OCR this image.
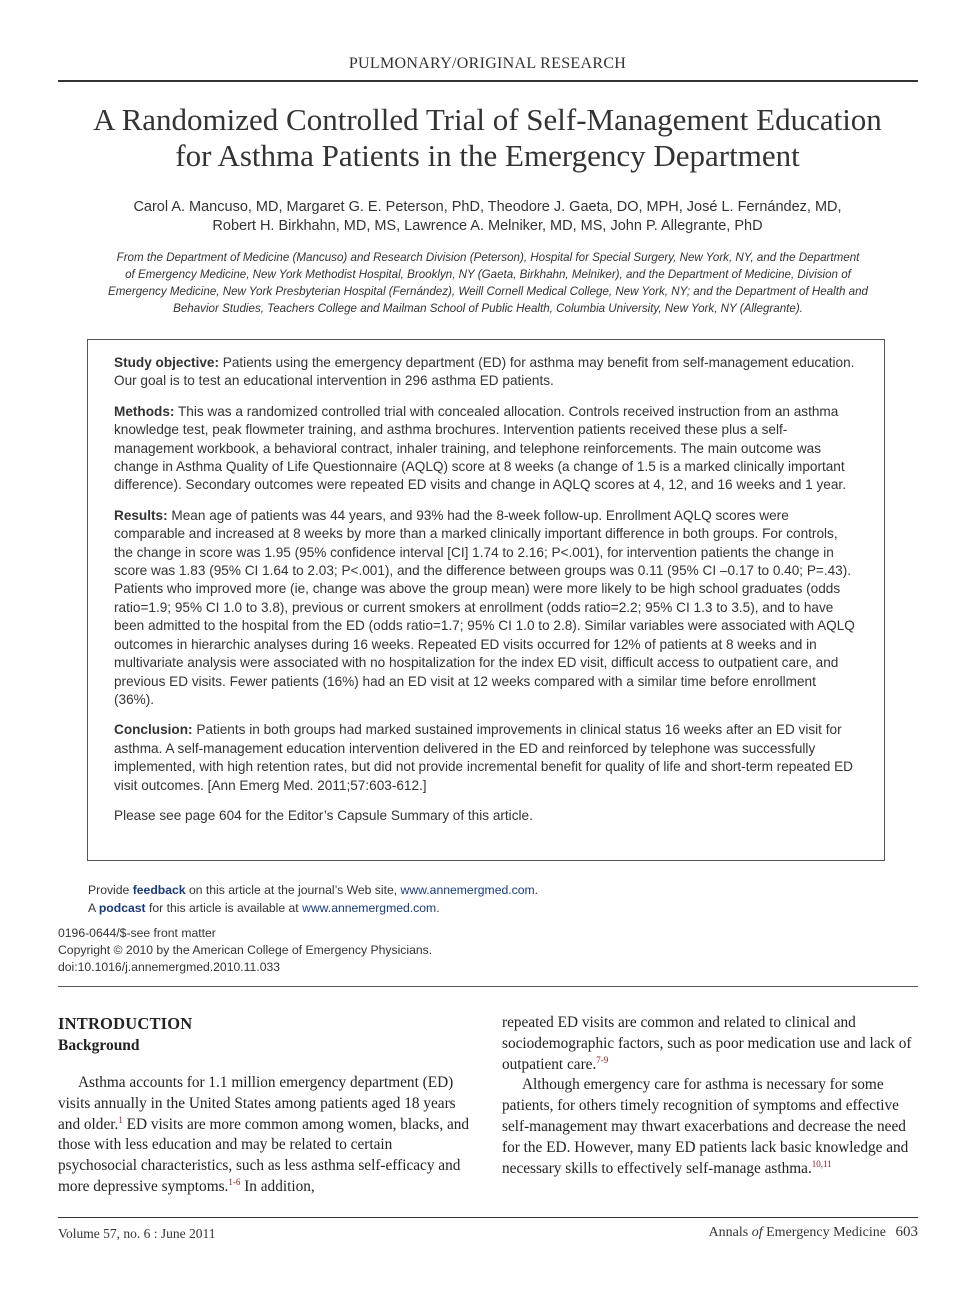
PULMONARY/ORIGINAL RESEARCH
A Randomized Controlled Trial of Self-Management Education
for Asthma Patients in the Emergency Department
Carol A. Mancuso, MD, Margaret G. E. Peterson, PhD, Theodore J. Gaeta, DO, MPH, José L. Fernández, MD,
Robert H. Birkhahn, MD, MS, Lawrence A. Melniker, MD, MS, John P. Allegrante, PhD
From the Department of Medicine (Mancuso) and Research Division (Peterson), Hospital for Special Surgery, New York, NY, and the Department
of Emergency Medicine, New York Methodist Hospital, Brooklyn, NY (Gaeta, Birkhahn, Melniker), and the Department of Medicine, Division of
Emergency Medicine, New York Presbyterian Hospital (Fernández), Weill Cornell Medical College, New York, NY; and the Department of Health and
Behavior Studies, Teachers College and Mailman School of Public Health, Columbia University, New York, NY (Allegrante).

Study objective: Patients using the emergency department (ED) for asthma may benefit from self-management education. Our goal is to test an educational intervention in 296 asthma ED patients.

Methods: This was a randomized controlled trial with concealed allocation. Controls received instruction from an asthma knowledge test, peak flowmeter training, and asthma brochures. Intervention patients received these plus a self-management workbook, a behavioral contract, inhaler training, and telephone reinforcements. The main outcome was change in Asthma Quality of Life Questionnaire (AQLQ) score at 8 weeks (a change of 1.5 is a marked clinically important difference). Secondary outcomes were repeated ED visits and change in AQLQ scores at 4, 12, and 16 weeks and 1 year.

Results: Mean age of patients was 44 years, and 93% had the 8-week follow-up. Enrollment AQLQ scores were comparable and increased at 8 weeks by more than a marked clinically important difference in both groups. For controls, the change in score was 1.95 (95% confidence interval [CI] 1.74 to 2.16; P<.001), for intervention patients the change in score was 1.83 (95% CI 1.64 to 2.03; P<.001), and the difference between groups was 0.11 (95% CI –0.17 to 0.40; P=.43). Patients who improved more (ie, change was above the group mean) were more likely to be high school graduates (odds ratio=1.9; 95% CI 1.0 to 3.8), previous or current smokers at enrollment (odds ratio=2.2; 95% CI 1.3 to 3.5), and to have been admitted to the hospital from the ED (odds ratio=1.7; 95% CI 1.0 to 2.8). Similar variables were associated with AQLQ outcomes in hierarchic analyses during 16 weeks. Repeated ED visits occurred for 12% of patients at 8 weeks and in multivariate analysis were associated with no hospitalization for the index ED visit, difficult access to outpatient care, and previous ED visits. Fewer patients (16%) had an ED visit at 12 weeks compared with a similar time before enrollment (36%).

Conclusion: Patients in both groups had marked sustained improvements in clinical status 16 weeks after an ED visit for asthma. A self-management education intervention delivered in the ED and reinforced by telephone was successfully implemented, with high retention rates, but did not provide incremental benefit for quality of life and short-term repeated ED visit outcomes. [Ann Emerg Med. 2011;57:603-612.]

Please see page 604 for the Editor’s Capsule Summary of this article.

Provide feedback on this article at the journal’s Web site, www.annemergmed.com.
A podcast for this article is available at www.annemergmed.com.
0196-0644/$-see front matter
Copyright © 2010 by the American College of Emergency Physicians.
doi:10.1016/j.annemergmed.2010.11.033
INTRODUCTION
Background

Asthma accounts for 1.1 million emergency department (ED) visits annually in the United States among patients aged 18 years and older.$^1$ ED visits are more common among women, blacks, and those with less education and may be related to certain psychosocial characteristics, such as less asthma self-efficacy and more depressive symptoms.$^{1-6}$ In addition,

repeated ED visits are common and related to clinical and sociodemographic factors, such as poor medication use and lack of outpatient care.$^{7-9}$

Although emergency care for asthma is necessary for some patients, for others timely recognition of symptoms and effective self-management may thwart exacerbations and decrease the need for the ED. However, many ED patients lack basic knowledge and necessary skills to effectively self-manage asthma.$^{10,11}$

Volume 57, no. 6 : June 2011	Annals of Emergency Medicine 603
